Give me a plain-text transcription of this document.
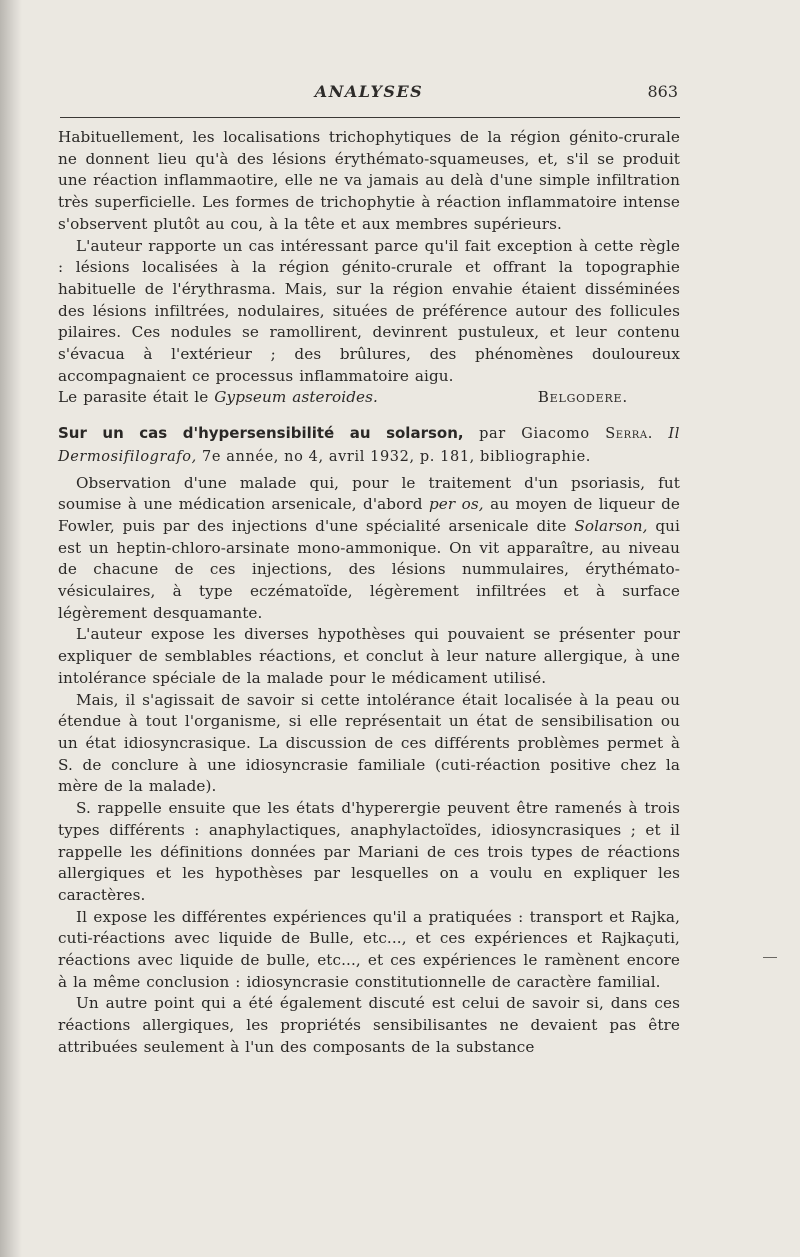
ANALYSES	863

Habituellement, les localisations trichophytiques de la région génito-crurale ne donnent lieu qu'à des lésions érythémato-squameuses, et, s'il se produit une réaction inflammaotire, elle ne va jamais au delà d'une simple infiltration très superficielle. Les formes de trichophytie à réaction inflammatoire intense s'observent plutôt au cou, à la tête et aux membres supérieurs.

L'auteur rapporte un cas intéressant parce qu'il fait exception à cette règle : lésions localisées à la région génito-crurale et offrant la topographie habituelle de l'érythrasma. Mais, sur la région envahie étaient disséminées des lésions infiltrées, nodulaires, situées de préférence autour des follicules pilaires. Ces nodules se ramollirent, devinrent pustuleux, et leur contenu s'évacua à l'extérieur ; des brûlures, des phénomènes douloureux accompagnaient ce processus inflammatoire aigu.

Le parasite était le Gypseum asteroides.	Belgodere.

Sur un cas d'hypersensibilité au solarson, par Giacomo Serra. Il Dermosifilografo, 7e année, no 4, avril 1932, p. 181, bibliographie.

Observation d'une malade qui, pour le traitement d'un psoriasis, fut soumise à une médication arsenicale, d'abord per os, au moyen de liqueur de Fowler, puis par des injections d'une spécialité arsenicale dite Solarson, qui est un heptin-chloro-arsinate mono-ammonique. On vit apparaître, au niveau de chacune de ces injections, des lésions nummulaires, érythémato-vésiculaires, à type eczématoïde, légèrement infiltrées et à surface légèrement desquamante.

L'auteur expose les diverses hypothèses qui pouvaient se présenter pour expliquer de semblables réactions, et conclut à leur nature allergique, à une intolérance spéciale de la malade pour le médicament utilisé.

Mais, il s'agissait de savoir si cette intolérance était localisée à la peau ou étendue à tout l'organisme, si elle représentait un état de sensibilisation ou un état idiosyncrasique. La discussion de ces différents problèmes permet à S. de conclure à une idiosyncrasie familiale (cuti-réaction positive chez la mère de la malade).

S. rappelle ensuite que les états d'hyperergie peuvent être ramenés à trois types différents : anaphylactiques, anaphylactoïdes, idiosyncrasiques ; et il rappelle les définitions données par Mariani de ces trois types de réactions allergiques et les hypothèses par lesquelles on a voulu en expliquer les caractères.

Il expose les différentes expériences qu'il a pratiquées : transport et Rajka, cuti-réactions avec liquide de Bulle, etc..., et ces expériences et Rajkaçuti, réactions avec liquide de bulle, etc..., et ces expériences le ramènent encore à la même conclusion : idiosyncrasie constitutionnelle de caractère familial.

Un autre point qui a été également discuté est celui de savoir si, dans ces réactions allergiques, les propriétés sensibilisantes ne devaient pas être attribuées seulement à l'un des composants de la substance
